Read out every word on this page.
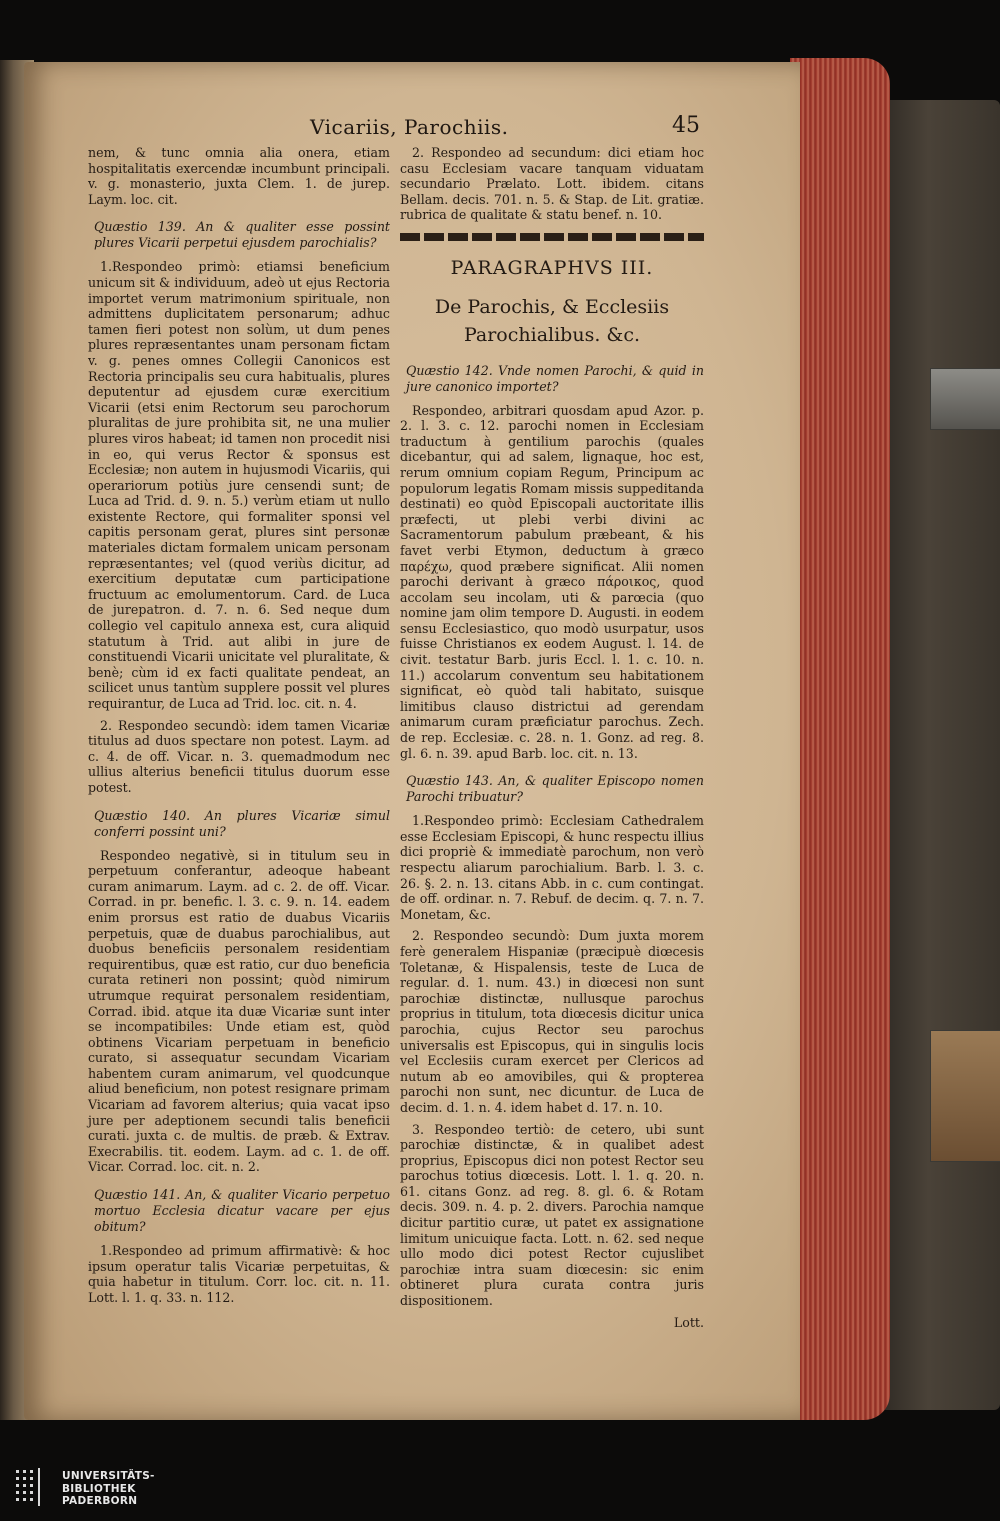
Vicariis, Parochiis.	45

nem, & tunc omnia alia onera, etiam hospitalitatis exercendæ incumbunt principali. v. g. monasterio, juxta Clem. 1. de jurep. Laym. loc. cit.

Quæstio 139. An & qualiter esse possint plures Vicarii perpetui ejusdem parochialis?

1.Respondeo primò: etiamsi beneficium unicum sit & individuum, adeò ut ejus Rectoria importet verum matrimonium spirituale, non admittens duplicitatem personarum; adhuc tamen fieri potest non solùm, ut dum penes plures repræsentantes unam personam fictam v. g. penes omnes Collegii Canonicos est Rectoria principalis seu cura habitualis, plures deputentur ad ejusdem curæ exercitium Vicarii (etsi enim Rectorum seu parochorum pluralitas de jure prohibita sit, ne una mulier plures viros habeat; id tamen non procedit nisi in eo, qui verus Rector & sponsus est Ecclesiæ; non autem in hujusmodi Vicariis, qui operariorum potiùs jure censendi sunt; de Luca ad Trid. d. 9. n. 5.) verùm etiam ut nullo existente Rectore, qui formaliter sponsi vel capitis personam gerat, plures sint personæ materiales dictam formalem unicam personam repræsentantes; vel (quod veriùs dicitur, ad exercitium deputatæ cum participatione fructuum ac emolumentorum. Card. de Luca de jurepatron. d. 7. n. 6. Sed neque dum collegio vel capitulo annexa est, cura aliquid statutum à Trid. aut alibi in jure de constituendi Vicarii unicitate vel pluralitate, & benè; cùm id ex facti qualitate pendeat, an scilicet unus tantùm supplere possit vel plures requirantur, de Luca ad Trid. loc. cit. n. 4.

2. Respondeo secundò: idem tamen Vicariæ titulus ad duos spectare non potest. Laym. ad c. 4. de off. Vicar. n. 3. quemadmodum nec ullius alterius beneficii titulus duorum esse potest.

Quæstio 140. An plures Vicariæ simul conferri possint uni?

Respondeo negativè, si in titulum seu in perpetuum conferantur, adeoque habeant curam animarum. Laym. ad c. 2. de off. Vicar. Corrad. in pr. benefic. l. 3. c. 9. n. 14. eadem enim prorsus est ratio de duabus Vicariis perpetuis, quæ de duabus parochialibus, aut duobus beneficiis personalem residentiam requirentibus, quæ est ratio, cur duo beneficia curata retineri non possint; quòd nimirum utrumque requirat personalem residentiam, Corrad. ibid. atque ita duæ Vicariæ sunt inter se incompatibiles: Unde etiam est, quòd obtinens Vicariam perpetuam in beneficio curato, si assequatur secundam Vicariam habentem curam animarum, vel quodcunque aliud beneficium, non potest resignare primam Vicariam ad favorem alterius; quia vacat ipso jure per adeptionem secundi talis beneficii curati. juxta c. de multis. de præb. & Extrav. Execrabilis. tit. eodem. Laym. ad c. 1. de off. Vicar. Corrad. loc. cit. n. 2.

Quæstio 141. An, & qualiter Vicario perpetuo mortuo Ecclesia dicatur vacare per ejus obitum?

1.Respondeo ad primum affirmativè: & hoc ipsum operatur talis Vicariæ perpetuitas, & quia habetur in titulum. Corr. loc. cit. n. 11. Lott. l. 1. q. 33. n. 112.

2. Respondeo ad secundum: dici etiam hoc casu Ecclesiam vacare tanquam viduatam secundario Prælato. Lott. ibidem. citans Bellam. decis. 701. n. 5. & Stap. de Lit. gratiæ. rubrica de qualitate & statu benef. n. 10.

PARAGRAPHVS III.
De Parochis, & Ecclesiis Parochialibus. &c.
Quæstio 142. Vnde nomen Parochi, & quid in jure canonico importet?

Respondeo, arbitrari quosdam apud Azor. p. 2. l. 3. c. 12. parochi nomen in Ecclesiam traductum à gentilium parochis (quales dicebantur, qui ad salem, lignaque, hoc est, rerum omnium copiam Regum, Principum ac populorum legatis Romam missis suppeditanda destinati) eo quòd Episcopali auctoritate illis præfecti, ut plebi verbi divini ac Sacramentorum pabulum præbeant, & his favet verbi Etymon, deductum à græco παρέχω, quod præbere significat. Alii nomen parochi derivant à græco πάροικος, quod accolam seu incolam, uti & parœcia (quo nomine jam olim tempore D. Augusti. in eodem sensu Ecclesiastico, quo modò usurpatur, usos fuisse Christianos ex eodem August. l. 14. de civit. testatur Barb. juris Eccl. l. 1. c. 10. n. 11.) accolarum conventum seu habitationem significat, eò quòd tali habitato, suisque limitibus clauso districtui ad gerendam animarum curam præficiatur parochus. Zech. de rep. Ecclesiæ. c. 28. n. 1. Gonz. ad reg. 8. gl. 6. n. 39. apud Barb. loc. cit. n. 13.

Quæstio 143. An, & qualiter Episcopo nomen Parochi tribuatur?

1.Respondeo primò: Ecclesiam Cathedralem esse Ecclesiam Episcopi, & hunc respectu illius dici propriè & immediatè parochum, non verò respectu aliarum parochialium. Barb. l. 3. c. 26. §. 2. n. 13. citans Abb. in c. cum contingat. de off. ordinar. n. 7. Rebuf. de decim. q. 7. n. 7. Monetam, &c.

2. Respondeo secundò: Dum juxta morem ferè generalem Hispaniæ (præcipuè diœcesis Toletanæ, & Hispalensis, teste de Luca de regular. d. 1. num. 43.) in diœcesi non sunt parochiæ distinctæ, nullusque parochus proprius in titulum, tota diœcesis dicitur unica parochia, cujus Rector seu parochus universalis est Episcopus, qui in singulis locis vel Ecclesiis curam exercet per Clericos ad nutum ab eo amovibiles, qui & propterea parochi non sunt, nec dicuntur. de Luca de decim. d. 1. n. 4. idem habet d. 17. n. 10.

3. Respondeo tertiò: de cetero, ubi sunt parochiæ distinctæ, & in qualibet adest proprius, Episcopus dici non potest Rector seu parochus totius diœcesis. Lott. l. 1. q. 20. n. 61. citans Gonz. ad reg. 8. gl. 6. & Rotam decis. 309. n. 4. p. 2. divers. Parochia namque dicitur partitio curæ, ut patet ex assignatione limitum unicuique facta. Lott. n. 62. sed neque ullo modo dici potest Rector cujuslibet parochiæ intra suam diœcesin: sic enim obtineret plura curata contra juris dispositionem.

Lott.
UNIVERSITÄTS-
BIBLIOTHEK
PADERBORN
